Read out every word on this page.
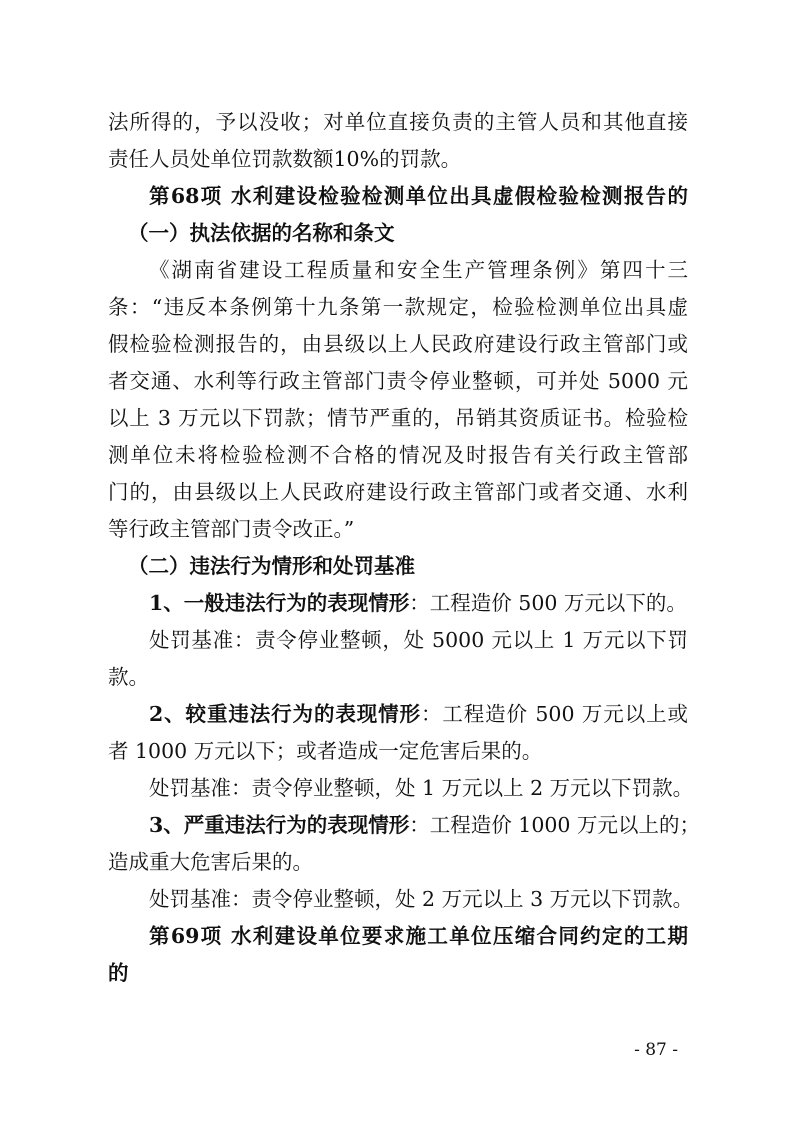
法所得的，予以没收；对单位直接负责的主管人员和其他直接
责任人员处单位罚款数额10%的罚款。
第68项 水利建设检验检测单位出具虚假检验检测报告的
（一）执法依据的名称和条文
《湖南省建设工程质量和安全生产管理条例》第四十三
条：“违反本条例第十九条第一款规定，检验检测单位出具虚
假检验检测报告的，由县级以上人民政府建设行政主管部门或
者交通、水利等行政主管部门责令停业整顿，可并处 5000 元
以上 3 万元以下罚款；情节严重的，吊销其资质证书。检验检
测单位未将检验检测不合格的情况及时报告有关行政主管部
门的，由县级以上人民政府建设行政主管部门或者交通、水利
等行政主管部门责令改正。”
（二）违法行为情形和处罚基准
1、一般违法行为的表现情形：工程造价 500 万元以下的。
处罚基准：责令停业整顿，处 5000 元以上 1 万元以下罚
款。
2、较重违法行为的表现情形：工程造价 500 万元以上或
者 1000 万元以下；或者造成一定危害后果的。
处罚基准：责令停业整顿，处 1 万元以上 2 万元以下罚款。
3、严重违法行为的表现情形：工程造价 1000 万元以上的；
造成重大危害后果的。
处罚基准：责令停业整顿，处 2 万元以上 3 万元以下罚款。
第69项 水利建设单位要求施工单位压缩合同约定的工期
的
- 87 -
